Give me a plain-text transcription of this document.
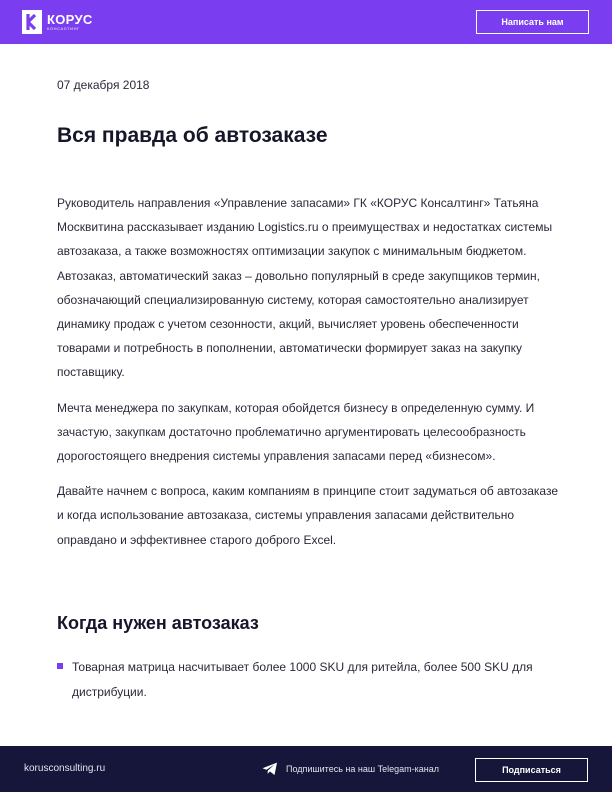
КОРУС
КОНСАЛТИНГ
Написать нам
07 декабря 2018
Вся правда об автозаказе

Руководитель направления «Управление запасами» ГК «КОРУС Консалтинг» Татьяна Москвитина рассказывает изданию Logistics.ru о преимуществах и недостатках системы автозаказа, а также возможностях оптимизации закупок с минимальным бюджетом.

Автозаказ, автоматический заказ – довольно популярный в среде закупщиков термин, обозначающий специализированную систему, которая самостоятельно анализирует динамику продаж с учетом сезонности, акций, вычисляет уровень обеспеченности товарами и потребность в пополнении, автоматически формирует заказ на закупку поставщику.

Мечта менеджера по закупкам, которая обойдется бизнесу в определенную сумму. И зачастую, закупкам достаточно проблематично аргументировать целесообразность дорогостоящего внедрения системы управления запасами перед «бизнесом».

Давайте начнем с вопроса, каким компаниям в принципе стоит задуматься об автозаказе и когда использование автозаказа, системы управления запасами действительно оправдано и эффективнее старого доброго Excel.

Когда нужен автозаказ

Товарная матрица насчитывает более 1000 SKU для ритейла, более 500 SKU для дистрибуции.

korusconsulting.ru	Подпишитесь на наш Telegam-канал	Подписаться
